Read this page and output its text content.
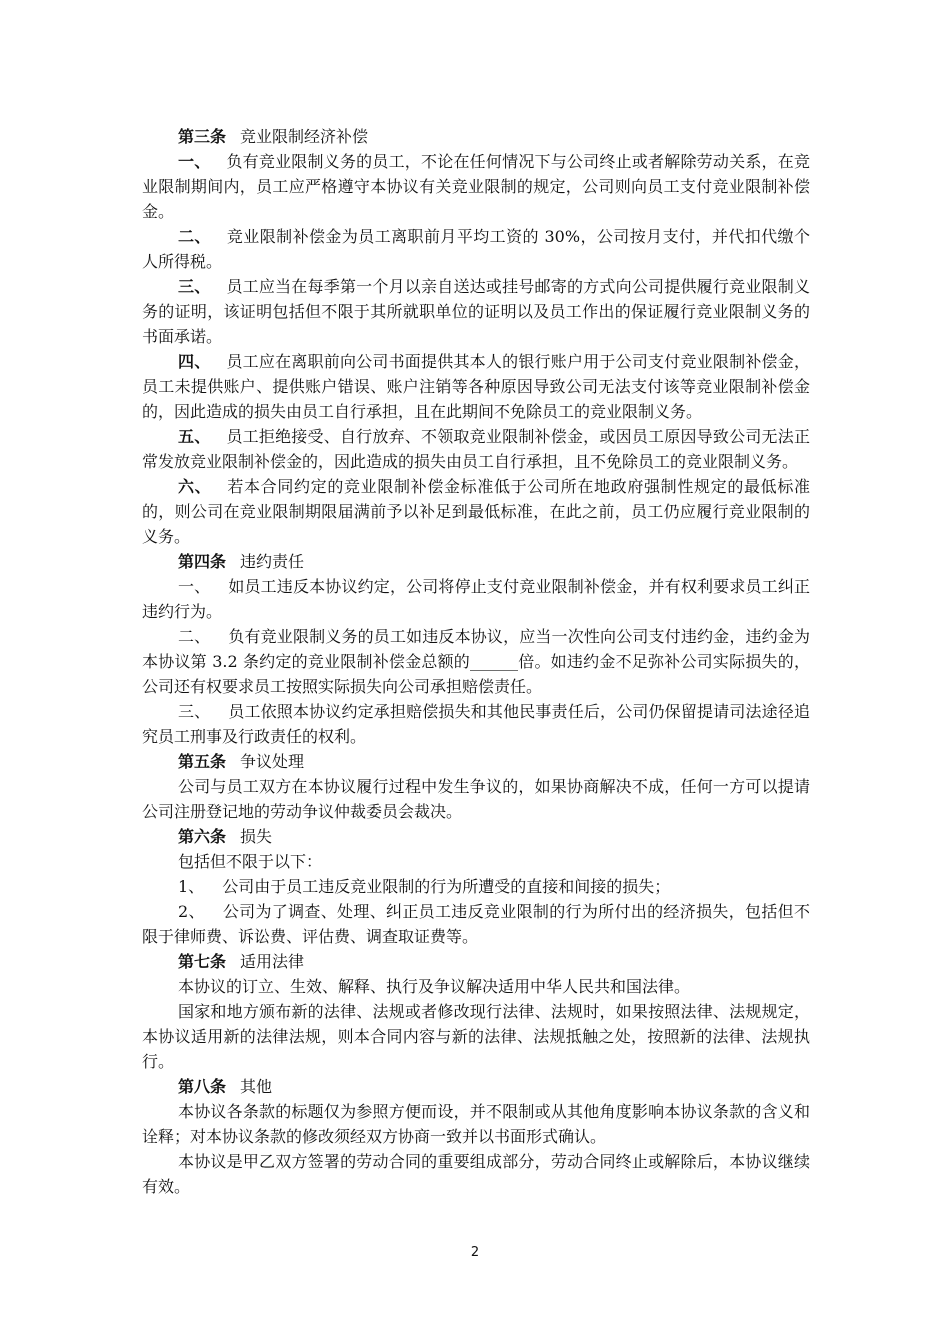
第三条 竞业限制经济补偿

一、 负有竞业限制义务的员工，不论在任何情况下与公司终止或者解除劳动关系，在竞业限制期间内，员工应严格遵守本协议有关竞业限制的规定，公司则向员工支付竞业限制补偿金。

二、 竞业限制补偿金为员工离职前月平均工资的 30%，公司按月支付，并代扣代缴个人所得税。

三、 员工应当在每季第一个月以亲自送达或挂号邮寄的方式向公司提供履行竞业限制义务的证明，该证明包括但不限于其所就职单位的证明以及员工作出的保证履行竞业限制义务的书面承诺。

四、 员工应在离职前向公司书面提供其本人的银行账户用于公司支付竞业限制补偿金，员工未提供账户、提供账户错误、账户注销等各种原因导致公司无法支付该等竞业限制补偿金的，因此造成的损失由员工自行承担，且在此期间不免除员工的竞业限制义务。

五、 员工拒绝接受、自行放弃、不领取竞业限制补偿金，或因员工原因导致公司无法正常发放竞业限制补偿金的，因此造成的损失由员工自行承担，且不免除员工的竞业限制义务。

六、 若本合同约定的竞业限制补偿金标准低于公司所在地政府强制性规定的最低标准的，则公司在竞业限制期限届满前予以补足到最低标准，在此之前，员工仍应履行竞业限制的义务。

第四条 违约责任

一、 如员工违反本协议约定，公司将停止支付竞业限制补偿金，并有权利要求员工纠正违约行为。

二、 负有竞业限制义务的员工如违反本协议，应当一次性向公司支付违约金，违约金为本协议第 3.2 条约定的竞业限制补偿金总额的______倍。如违约金不足弥补公司实际损失的，公司还有权要求员工按照实际损失向公司承担赔偿责任。

三、 员工依照本协议约定承担赔偿损失和其他民事责任后，公司仍保留提请司法途径追究员工刑事及行政责任的权利。

第五条 争议处理

公司与员工双方在本协议履行过程中发生争议的，如果协商解决不成，任何一方可以提请公司注册登记地的劳动争议仲裁委员会裁决。

第六条 损失

包括但不限于以下：

1、 公司由于员工违反竞业限制的行为所遭受的直接和间接的损失；

2、 公司为了调查、处理、纠正员工违反竞业限制的行为所付出的经济损失，包括但不限于律师费、诉讼费、评估费、调查取证费等。

第七条 适用法律

本协议的订立、生效、解释、执行及争议解决适用中华人民共和国法律。

国家和地方颁布新的法律、法规或者修改现行法律、法规时，如果按照法律、法规规定，本协议适用新的法律法规，则本合同内容与新的法律、法规抵触之处，按照新的法律、法规执行。

第八条 其他

本协议各条款的标题仅为参照方便而设，并不限制或从其他角度影响本协议条款的含义和诠释；对本协议条款的修改须经双方协商一致并以书面形式确认。

本协议是甲乙双方签署的劳动合同的重要组成部分，劳动合同终止或解除后，本协议继续有效。

2
